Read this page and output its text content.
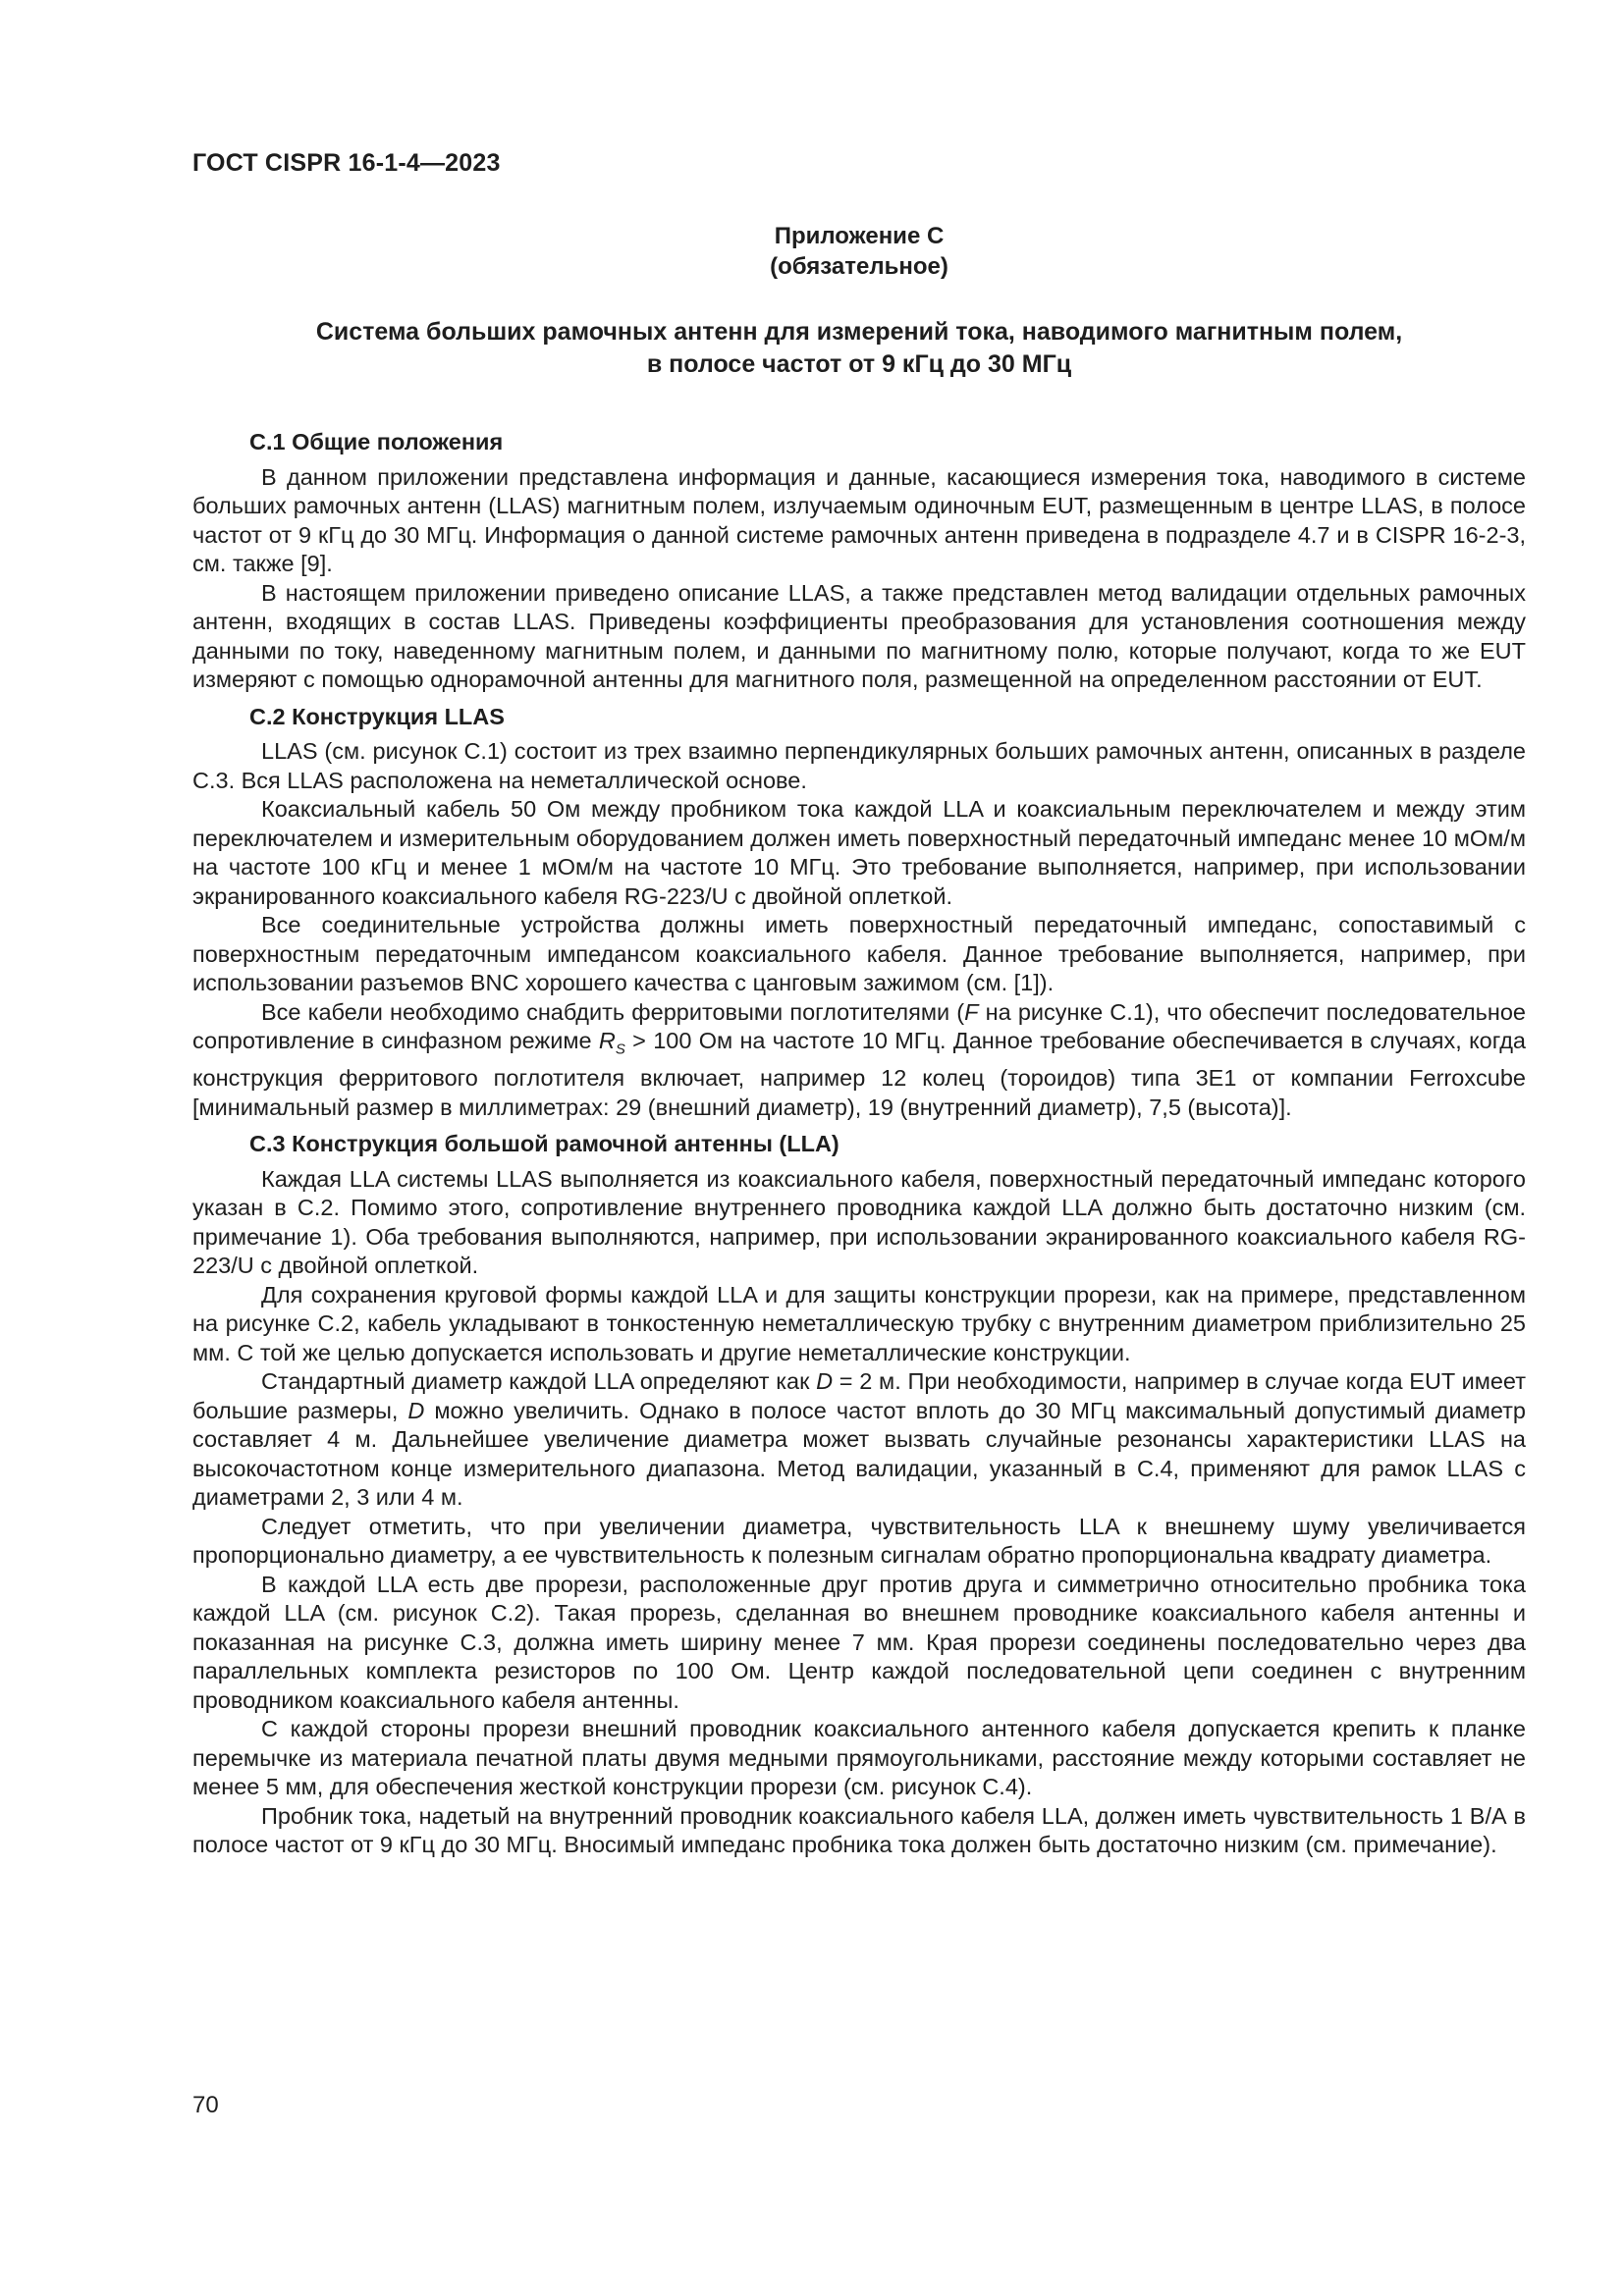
ГОСТ CISPR 16-1-4—2023
Приложение С
(обязательное)
Система больших рамочных антенн для измерений тока, наводимого магнитным полем,
в полосе частот от 9 кГц до 30 МГц
С.1 Общие положения

В данном приложении представлена информация и данные, касающиеся измерения тока, наводимого в системе больших рамочных антенн (LLAS) магнитным полем, излучаемым одиночным EUT, размещенным в центре LLAS, в полосе частот от 9 кГц до 30 МГц. Информация о данной системе рамочных антенн приведена в подразделе 4.7 и в CISPR 16-2-3, см. также [9].

В настоящем приложении приведено описание LLAS, а также представлен метод валидации отдельных рамочных антенн, входящих в состав LLAS. Приведены коэффициенты преобразования для установления соотношения между данными по току, наведенному магнитным полем, и данными по магнитному полю, которые получают, когда то же EUT измеряют с помощью однорамочной антенны для магнитного поля, размещенной на определенном расстоянии от EUT.

С.2 Конструкция LLAS

LLAS (см. рисунок С.1) состоит из трех взаимно перпендикулярных больших рамочных антенн, описанных в разделе С.3. Вся LLAS расположена на неметаллической основе.

Коаксиальный кабель 50 Ом между пробником тока каждой LLA и коаксиальным переключателем и между этим переключателем и измерительным оборудованием должен иметь поверхностный передаточный импеданс менее 10 мОм/м на частоте 100 кГц и менее 1 мОм/м на частоте 10 МГц. Это требование выполняется, например, при использовании экранированного коаксиального кабеля RG-223/U с двойной оплеткой.

Все соединительные устройства должны иметь поверхностный передаточный импеданс, сопоставимый с поверхностным передаточным импедансом коаксиального кабеля. Данное требование выполняется, например, при использовании разъемов BNC хорошего качества с цанговым зажимом (см. [1]).

Все кабели необходимо снабдить ферритовыми поглотителями (F на рисунке С.1), что обеспечит последовательное сопротивление в синфазном режиме $R_S > 100$ Ом на частоте 10 МГц. Данное требование обеспечивается в случаях, когда конструкция ферритового поглотителя включает, например 12 колец (тороидов) типа 3E1 от компании Ferroxcube [минимальный размер в миллиметрах: 29 (внешний диаметр), 19 (внутренний диаметр), 7,5 (высота)].

С.3 Конструкция большой рамочной антенны (LLA)

Каждая LLA системы LLAS выполняется из коаксиального кабеля, поверхностный передаточный импеданс которого указан в С.2. Помимо этого, сопротивление внутреннего проводника каждой LLA должно быть достаточно низким (см. примечание 1). Оба требования выполняются, например, при использовании экранированного коаксиального кабеля RG-223/U с двойной оплеткой.

Для сохранения круговой формы каждой LLA и для защиты конструкции прорези, как на примере, представленном на рисунке С.2, кабель укладывают в тонкостенную неметаллическую трубку с внутренним диаметром приблизительно 25 мм. С той же целью допускается использовать и другие неметаллические конструкции.

Стандартный диаметр каждой LLA определяют как D = 2 м. При необходимости, например в случае когда EUT имеет большие размеры, D можно увеличить. Однако в полосе частот вплоть до 30 МГц максимальный допустимый диаметр составляет 4 м. Дальнейшее увеличение диаметра может вызвать случайные резонансы характеристики LLAS на высокочастотном конце измерительного диапазона. Метод валидации, указанный в С.4, применяют для рамок LLAS с диаметрами 2, 3 или 4 м.

Следует отметить, что при увеличении диаметра, чувствительность LLA к внешнему шуму увеличивается пропорционально диаметру, а ее чувствительность к полезным сигналам обратно пропорциональна квадрату диаметра.

В каждой LLA есть две прорези, расположенные друг против друга и симметрично относительно пробника тока каждой LLA (см. рисунок С.2). Такая прорезь, сделанная во внешнем проводнике коаксиального кабеля антенны и показанная на рисунке С.3, должна иметь ширину менее 7 мм. Края прорези соединены последовательно через два параллельных комплекта резисторов по 100 Ом. Центр каждой последовательной цепи соединен с внутренним проводником коаксиального кабеля антенны.

С каждой стороны прорези внешний проводник коаксиального антенного кабеля допускается крепить к планке перемычке из материала печатной платы двумя медными прямоугольниками, расстояние между которыми составляет не менее 5 мм, для обеспечения жесткой конструкции прорези (см. рисунок С.4).

Пробник тока, надетый на внутренний проводник коаксиального кабеля LLA, должен иметь чувствительность 1 В/А в полосе частот от 9 кГц до 30 МГц. Вносимый импеданс пробника тока должен быть достаточно низким (см. примечание).

70
